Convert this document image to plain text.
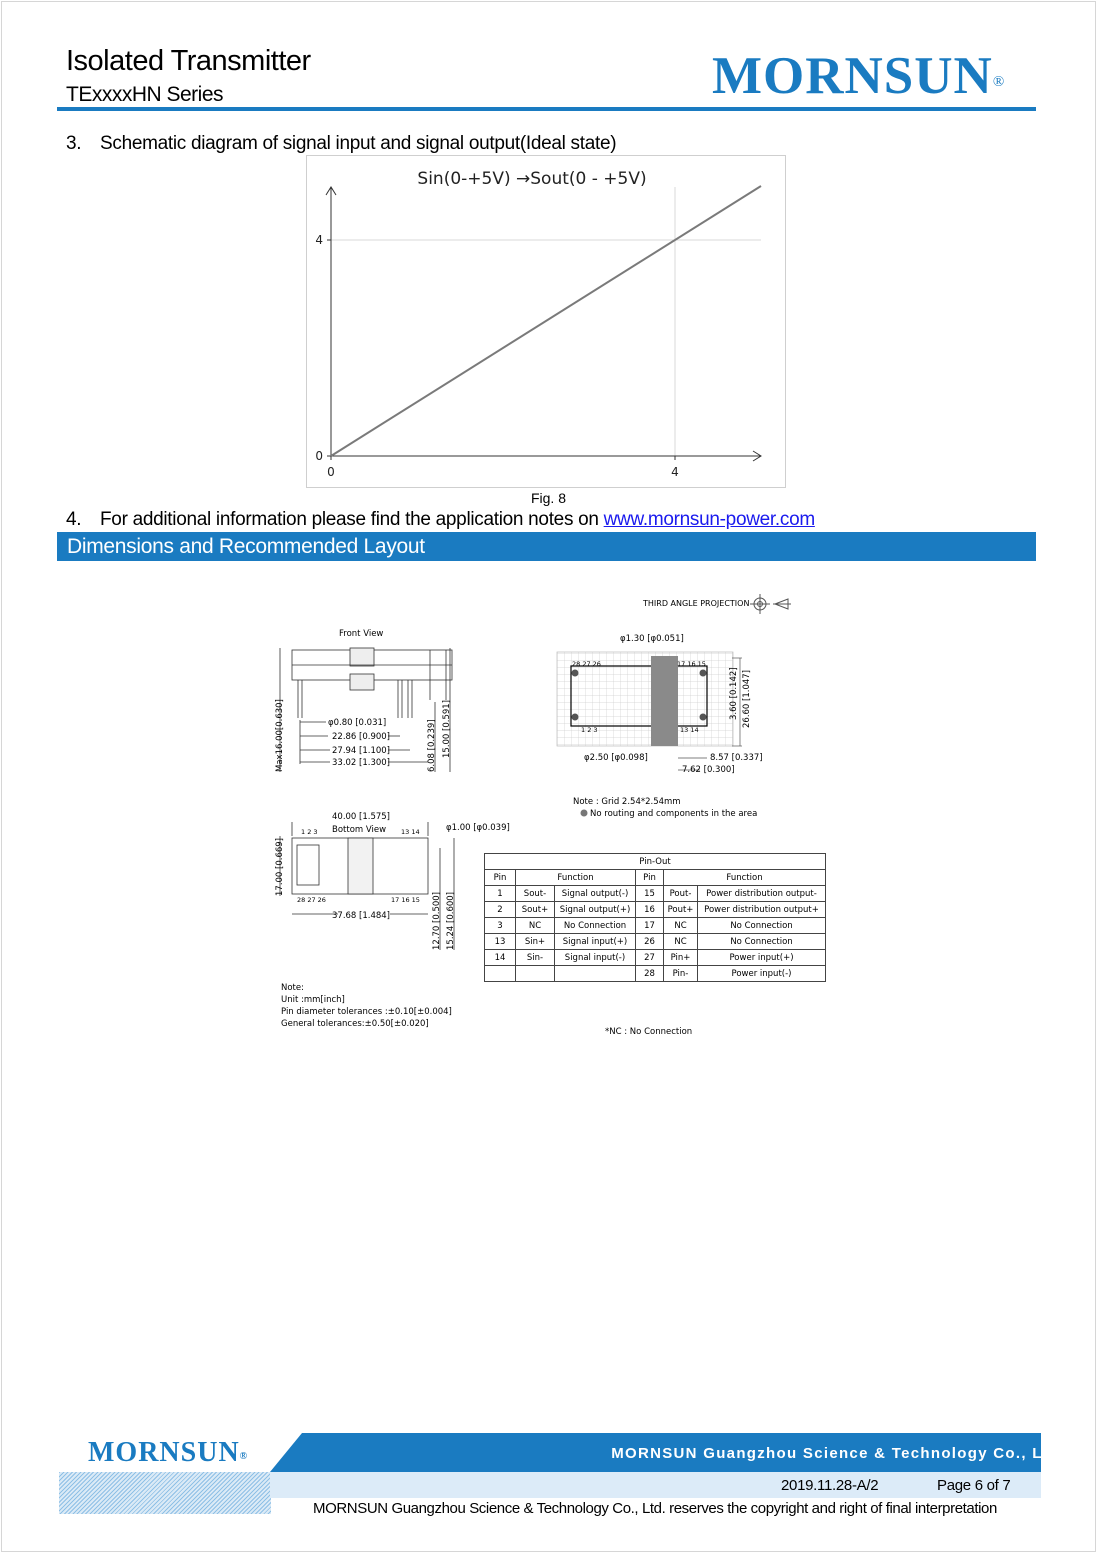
Isolated Transmitter
TExxxxHN Series	MORNSUN®
3. Schematic diagram of signal input and signal output(Ideal state)
Sin(0-+5V) →Sout(0 - +5V)
0	4
0
4
Fig. 8
4. For additional information please find the application notes on www.mornsun-power.com
Dimensions and Recommended Layout
THIRD ANGLE PROJECTION
Front View
φ0.80 [0.031]
22.86 [0.900]
27.94 [1.100]
33.02 [1.300]
Max16.00[0.630]	6.08 [0.239] 15.00 [0.591]
28 27 26	17 16 15
1 2 3	13 14
φ1.30 [φ0.051]
φ2.50 [φ0.098]
3.60 [0.142] 26.60 [1.047]
8.57 [0.337]
7.62 [0.300]
Note : Grid 2.54*2.54mm
No routing and components in the area
40.00 [1.575]
1 2 3 Bottom View 13 14	φ1.00 [φ0.039]
28 27 26	17 16 15
17.00 [0.669]
37.68 [1.484]	12.70 [0.500] 15.24 [0.600]
*NC : No Connection
Pin-Out					
Pin	Function		Pin	Function	
1	Sout-	Signal output(-)	15	Pout-	Power distribution output-
2	Sout+	Signal output(+)	16	Pout+	Power distribution output+
3	NC	No Connection	17	NC	No Connection
13	Sin+	Signal input(+)	26	NC	No Connection
14	Sin-	Signal input(-)	27	Pin+	Power input(+)
			28	Pin-	Power input(-)
Note:
Unit :mm[inch]
Pin diameter tolerances :±0.10[±0.004]
General tolerances:±0.50[±0.020]
MORNSUN®	MORNSUN Guangzhou Science & Technology Co., Ltd.
2019.11.28-A/2	Page 6 of 7
MORNSUN Guangzhou Science & Technology Co., Ltd. reserves the copyright and right of final interpretation
